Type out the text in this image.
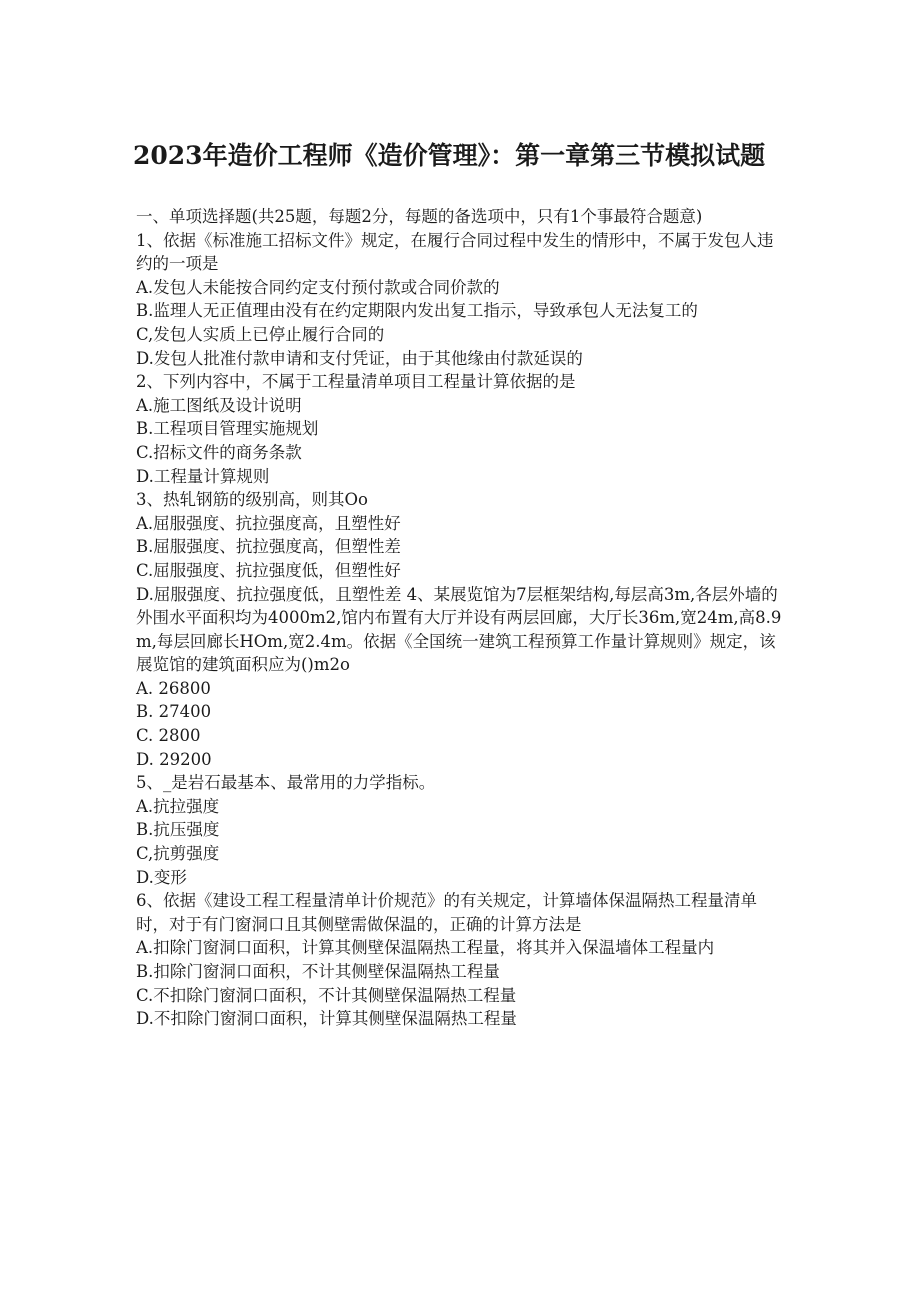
2023年造价工程师《造价管理》：第一章第三节模拟试题
一、单项选择题(共25题，每题2分，每题的备选项中，只有1个事最符合题意)
1、依据《标准施工招标文件》规定，在履行合同过程中发生的情形中，不属于发包人违约的一项是
A.发包人未能按合同约定支付预付款或合同价款的
B.监理人无正值理由没有在约定期限内发出复工指示，导致承包人无法复工的
C,发包人实质上已停止履行合同的
D.发包人批准付款申请和支付凭证，由于其他缘由付款延误的
2、下列内容中，不属于工程量清单项目工程量计算依据的是
A.施工图纸及设计说明
B.工程项目管理实施规划
C.招标文件的商务条款
D.工程量计算规则
3、热轧钢筋的级别高，则其Oo
A.屈服强度、抗拉强度高，且塑性好
B.屈服强度、抗拉强度高，但塑性差
C.屈服强度、抗拉强度低，但塑性好
D.屈服强度、抗拉强度低，且塑性差 4、某展览馆为7层框架结构,每层高3m,各层外墙的外围水平面积均为4000m2,馆内布置有大厅并设有两层回廊，大厅长36m,宽24m,高8.9m,每层回廊长HOm,宽2.4m。依据《全国统一建筑工程预算工作量计算规则》规定，该展览馆的建筑面积应为()m2o
A. 26800
B. 27400
C. 2800
D. 29200
5、_是岩石最基本、最常用的力学指标。
A.抗拉强度
B.抗压强度
C,抗剪强度
D.变形
6、依据《建设工程工程量清单计价规范》的有关规定，计算墙体保温隔热工程量清单时，对于有门窗洞口且其侧壁需做保温的，正确的计算方法是
A.扣除门窗洞口面积，计算其侧壁保温隔热工程量，将其并入保温墙体工程量内
B.扣除门窗洞口面积，不计其侧壁保温隔热工程量
C.不扣除门窗洞口面积，不计其侧壁保温隔热工程量
D.不扣除门窗洞口面积，计算其侧壁保温隔热工程量
